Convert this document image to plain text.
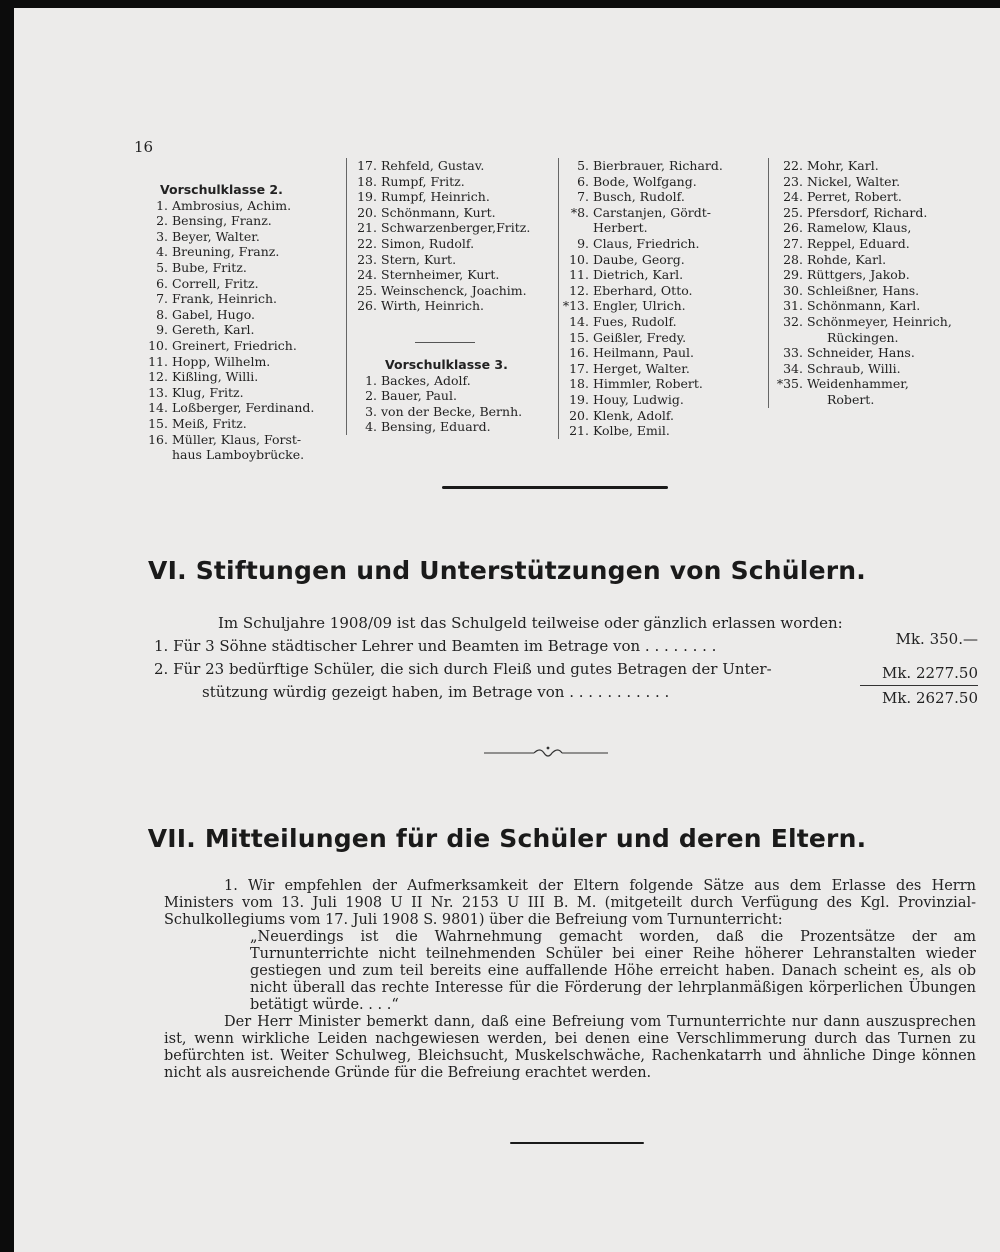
16
Vorschulklasse 2.
1. Ambrosius, Achim.
2. Bensing, Franz.
3. Beyer, Walter.
4. Breuning, Franz.
5. Bube, Fritz.
6. Correll, Fritz.
7. Frank, Heinrich.
8. Gabel, Hugo.
9. Gereth, Karl.
10. Greinert, Friedrich.
11. Hopp, Wilhelm.
12. Kißling, Willi.
13. Klug, Fritz.
14. Loßberger, Ferdinand.
15. Meiß, Fritz.
16. Müller, Klaus, Forst-
haus Lamboybrücke.
17. Rehfeld, Gustav.
18. Rumpf, Fritz.
19. Rumpf, Heinrich.
20. Schönmann, Kurt.
21. Schwarzenberger,Fritz.
22. Simon, Rudolf.
23. Stern, Kurt.
24. Sternheimer, Kurt.
25. Weinschenck, Joachim.
26. Wirth, Heinrich.
Vorschulklasse 3.
1. Backes, Adolf.
2. Bauer, Paul.
3. von der Becke, Bernh.
4. Bensing, Eduard.
5. Bierbrauer, Richard.
6. Bode, Wolfgang.
7. Busch, Rudolf.
*8. Carstanjen, Gördt-
Herbert.
9. Claus, Friedrich.
10. Daube, Georg.
11. Dietrich, Karl.
12. Eberhard, Otto.
*13. Engler, Ulrich.
14. Fues, Rudolf.
15. Geißler, Fredy.
16. Heilmann, Paul.
17. Herget, Walter.
18. Himmler, Robert.
19. Houy, Ludwig.
20. Klenk, Adolf.
21. Kolbe, Emil.
22. Mohr, Karl.
23. Nickel, Walter.
24. Perret, Robert.
25. Pfersdorf, Richard.
26. Ramelow, Klaus,
27. Reppel, Eduard.
28. Rohde, Karl.
29. Rüttgers, Jakob.
30. Schleißner, Hans.
31. Schönmann, Karl.
32. Schönmeyer, Heinrich,
Rückingen.
33. Schneider, Hans.
34. Schraub, Willi.
*35. Weidenhammer,
Robert.
VI. Stiftungen und Unterstützungen von Schülern.
Im Schuljahre 1908/09 ist das Schulgeld teilweise oder gänzlich erlassen worden:
1. Für 3 Söhne städtischer Lehrer und Beamten im Betrage von . . . . . . . .
2. Für 23 bedürftige Schüler, die sich durch Fleiß und gutes Betragen der Unter-
stützung würdig gezeigt haben, im Betrage von . . . . . . . . . . .
Mk. 350.—
Mk. 2277.50
Mk. 2627.50
VII. Mitteilungen für die Schüler und deren Eltern.

1. Wir empfehlen der Aufmerksamkeit der Eltern folgende Sätze aus dem Erlasse des Herrn Ministers vom 13. Juli 1908 U II Nr. 2153 U III B. M. (mitgeteilt durch Verfügung des Kgl. Provinzial-Schulkollegiums vom 17. Juli 1908 S. 9801) über die Befreiung vom Turnunterricht:

„Neuerdings ist die Wahrnehmung gemacht worden, daß die Prozentsätze der am Turnunterrichte nicht teilnehmenden Schüler bei einer Reihe höherer Lehranstalten wieder gestiegen und zum teil bereits eine auffallende Höhe erreicht haben. Danach scheint es, als ob nicht überall das rechte Interesse für die Förderung der lehrplanmäßigen körperlichen Übungen betätigt würde. . . .“

Der Herr Minister bemerkt dann, daß eine Befreiung vom Turnunterrichte nur dann auszusprechen ist, wenn wirkliche Leiden nachgewiesen werden, bei denen eine Verschlimmerung durch das Turnen zu befürchten ist. Weiter Schulweg, Bleichsucht, Muskelschwäche, Rachenkatarrh und ähnliche Dinge können nicht als ausreichende Gründe für die Befreiung erachtet werden.
